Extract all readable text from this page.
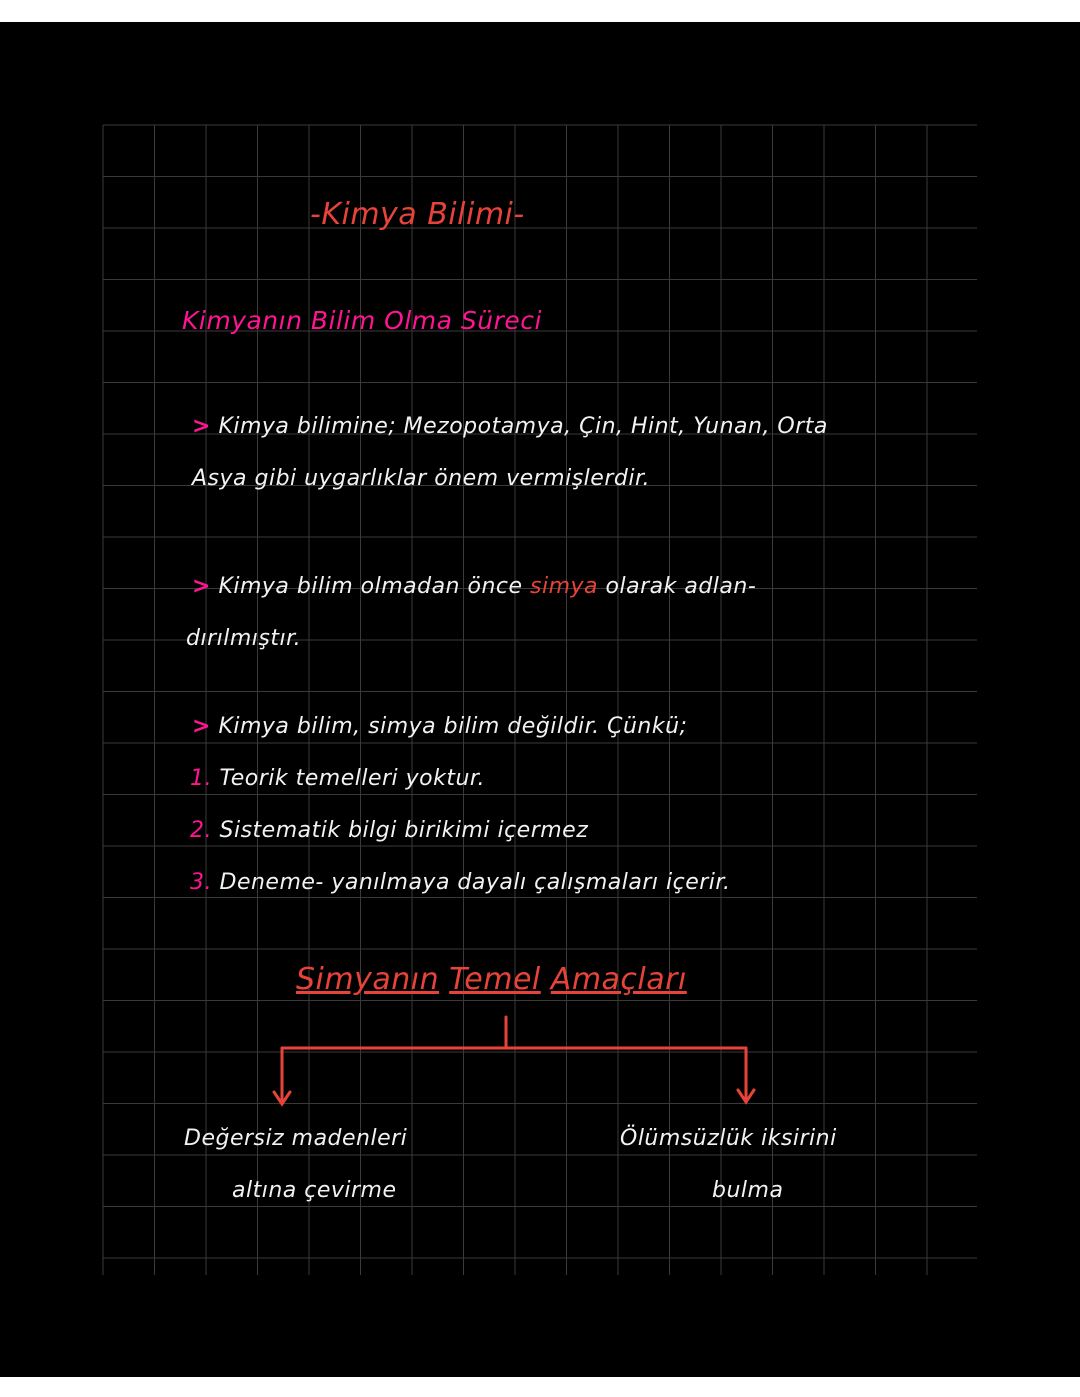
-Kimya Bilimi-
Kimyanın Bilim Olma Süreci
> Kimya bilimine; Mezopotamya, Çin, Hint, Yunan, Orta
Asya gibi uygarlıklar önem vermişlerdir.
> Kimya bilim olmadan önce simya olarak adlan-
dırılmıştır.
> Kimya bilim, simya bilim değildir. Çünkü;
1. Teorik temelleri yoktur.
2. Sistematik bilgi birikimi içermez
3. Deneme- yanılmaya dayalı çalışmaları içerir.
Simyanın Temel Amaçları
Değersiz madenleri
altına çevirme
Ölümsüzlük iksirini
bulma
